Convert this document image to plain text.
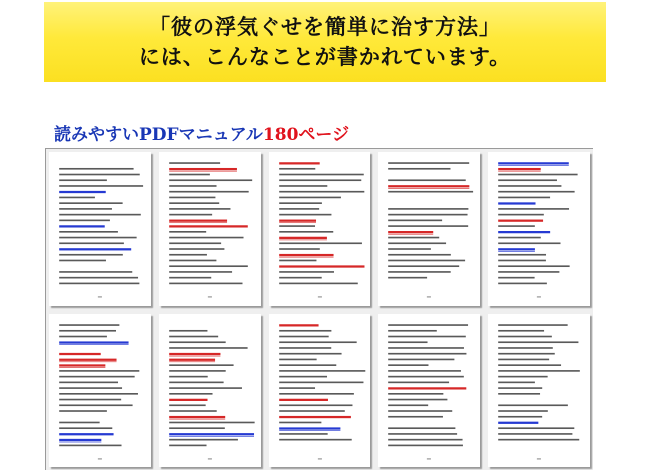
「彼の浮気ぐせを簡単に治す方法」
には、こんなことが書かれています。
読みやすいPDFマニュアル180ページ
